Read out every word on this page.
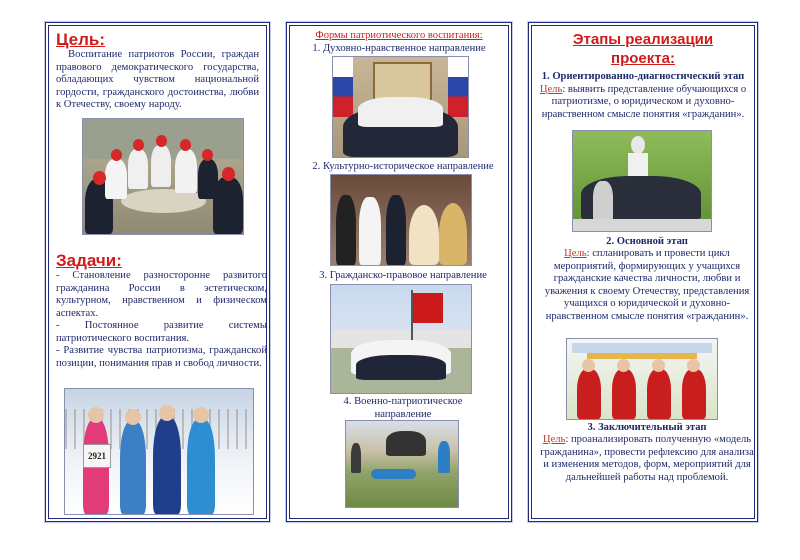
Цель:

Воспитание патриотов России, граждан правового демократического государства, обладающих чувством национальной гордости, гражданского достоинства, любви к Отечеству, своему народу.

Задачи:

- Становление разносторонне развитого гражданина России в эстетическом, культурном, нравственном и физическом аспектах.

- Постоянное развитие системы патриотического воспитания.

- Развитие чувства патриотизма, гражданской позиции, понимания прав и свобод личности.

2921

Формы патриотического воспитания:

1. Духовно-нравственное направление

2. Культурно-историческое направление

3. Гражданско-правовое направление

4. Военно-патриотическое направление

Этапы реализации проекта:

1. Ориентированно-диагностический этап

Цель: выявить представление обучающихся о патриотизме, о юридическом и духовно-нравственном смысле понятия «гражданин».

2. Основной этап

Цель: спланировать и провести цикл мероприятий, формирующих у учащихся гражданские качества личности, любви и уважения к своему Отечеству, представления учащихся о юридической и духовно-нравственном смысле понятия «гражданин».

3. Заключительный этап

Цель: проанализировать полученную «модель гражданина», провести рефлексию для анализа и изменения методов, форм, мероприятий для дальнейшей работы над проблемой.
